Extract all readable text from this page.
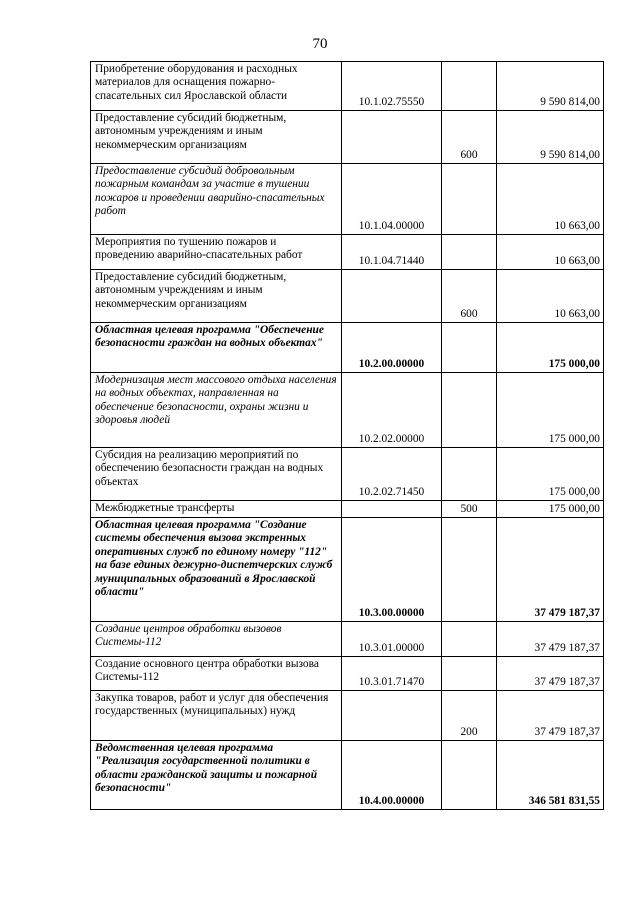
70
Приобретение оборудования и расходных материалов для оснащения пожарно-спасательных сил Ярославской области	10.1.02.75550		9 590 814,00
Предоставление субсидий бюджетным, автономным учреждениям и иным некоммерческим организациям		600	9 590 814,00
Предоставление субсидий добровольным пожарным командам за участие в тушении пожаров и проведении аварийно-спасательных работ	10.1.04.00000		10 663,00
Мероприятия по тушению пожаров и проведению аварийно-спасательных работ	10.1.04.71440		10 663,00
Предоставление субсидий бюджетным, автономным учреждениям и иным некоммерческим организациям		600	10 663,00
Областная целевая программа "Обеспечение безопасности граждан на водных объектах"	10.2.00.00000		175 000,00
Модернизация мест массового отдыха населения на водных объектах, направленная на обеспечение безопасности, охраны жизни и здоровья людей	10.2.02.00000		175 000,00
Субсидия на реализацию мероприятий по обеспечению безопасности граждан на водных объектах	10.2.02.71450		175 000,00
Межбюджетные трансферты		500	175 000,00
Областная целевая программа "Создание системы обеспечения вызова экстренных оперативных служб по единому номеру "112" на базе единых дежурно-диспетчерских служб муниципальных образований в Ярославской области"	10.3.00.00000		37 479 187,37
Создание центров обработки вызовов Системы-112	10.3.01.00000		37 479 187,37
Создание основного центра обработки вызова Системы-112	10.3.01.71470		37 479 187,37
Закупка товаров, работ и услуг для обеспечения государственных (муниципальных) нужд		200	37 479 187,37
Ведомственная целевая программа "Реализация государственной политики в области гражданской защиты и пожарной безопасности"	10.4.00.00000		346 581 831,55
